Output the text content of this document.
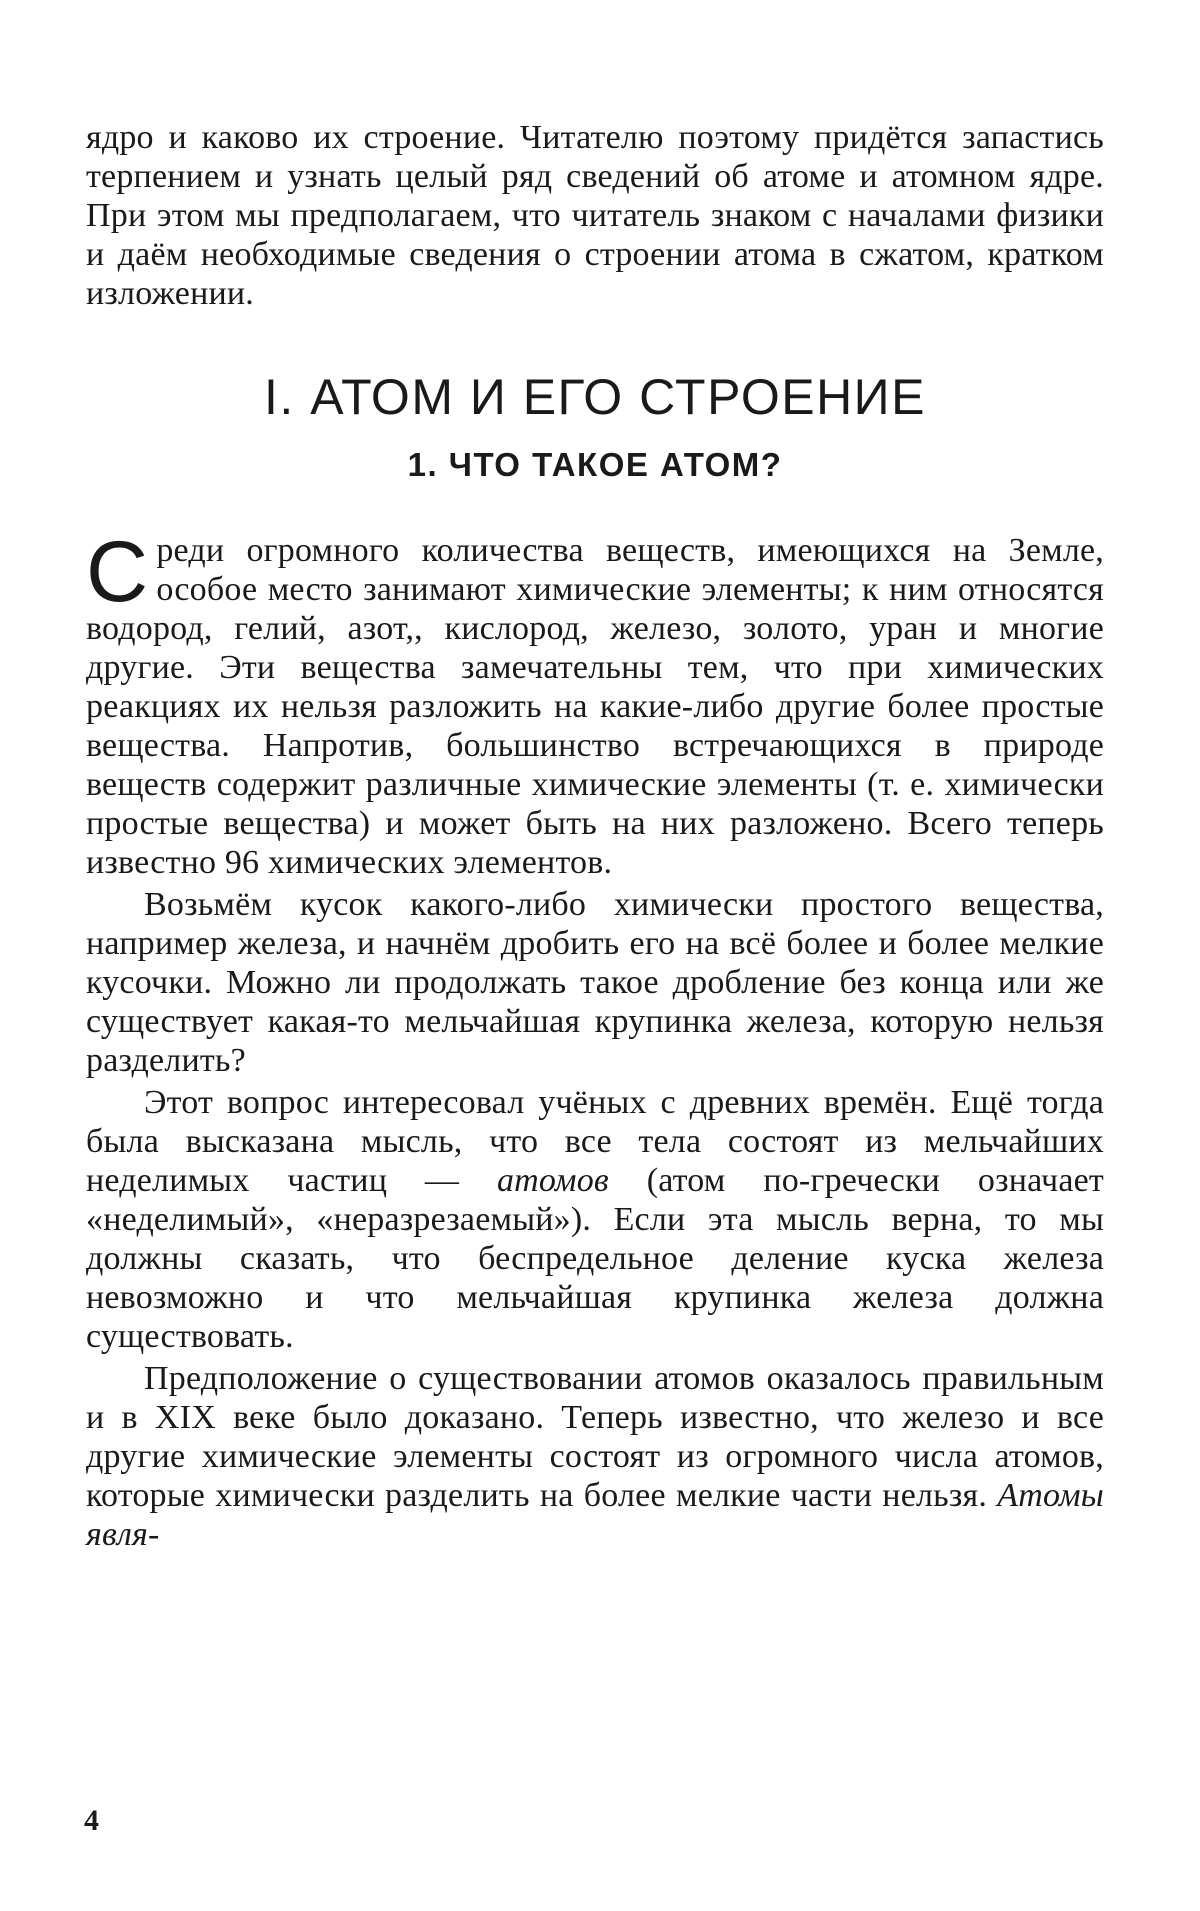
ядро и каково их строение. Читателю поэтому придётся запастись терпением и узнать целый ряд сведений об атоме и атомном ядре. При этом мы предполагаем, что читатель знаком с началами физики и даём необходимые сведения о строении атома в сжатом, кратком изложении.

I. АТОМ И ЕГО СТРОЕНИЕ
1. ЧТО ТАКОЕ АТОМ?

Среди огромного количества веществ, имеющихся на Земле, особое место занимают химические элементы; к ним относятся водород, гелий, азот,, кислород, железо, золото, уран и многие другие. Эти вещества замечательны тем, что при химических реакциях их нельзя разложить на какие-либо другие более простые вещества. Напротив, большинство встречающихся в природе веществ содержит различные химические элементы (т. е. химически простые вещества) и может быть на них разложено. Всего теперь известно 96 химических элементов.

Возьмём кусок какого-либо химически простого вещества, например железа, и начнём дробить его на всё более и более мелкие кусочки. Можно ли продолжать такое дробление без конца или же существует какая-то мельчайшая крупинка железа, которую нельзя разделить?

Этот вопрос интересовал учёных с древних времён. Ещё тогда была высказана мысль, что все тела состоят из мельчайших неделимых частиц — атомов (атом по-гречески означает «неделимый», «неразрезаемый»). Если эта мысль верна, то мы должны сказать, что беспредельное деление куска железа невозможно и что мельчайшая крупинка железа должна существовать.

Предположение о существовании атомов оказалось правильным и в XIX веке было доказано. Теперь известно, что железо и все другие химические элементы состоят из огромного числа атомов, которые химически разделить на более мелкие части нельзя. Атомы явля-

4
